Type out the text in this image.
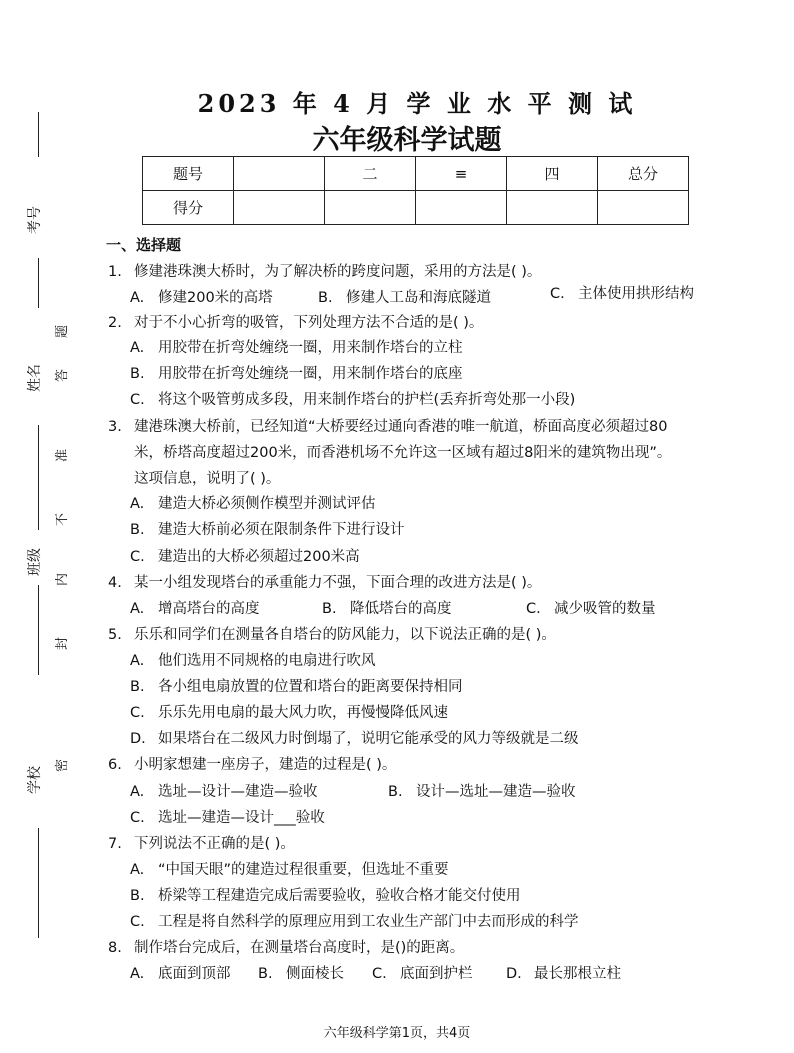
考号
姓名
班级
学校
题
答
准
不
内
封
密
2023 年 4 月 学 业 水 平 测 试
六年级科学试题
题号		二	≡	四	总分
得分					
一、选择题
1. 修建港珠澳大桥时，为了解决桥的跨度问题，采用的方法是( )。
A. 修建200米的高塔	B. 修建人工岛和海底隧道	C. 主体使用拱形结构
2. 对于不小心折弯的吸管，下列处理方法不合适的是( )。
A. 用胶带在折弯处缠绕一圈，用来制作塔台的立柱
B. 用胶带在折弯处缠绕一圈，用来制作塔台的底座
C. 将这个吸管剪成多段，用来制作塔台的护栏(丢弃折弯处那一小段)
3. 建港珠澳大桥前，已经知道“大桥要经过通向香港的唯一航道，桥面高度必须超过80
米，桥塔高度超过200米，而香港机场不允许这一区域有超过8阳米的建筑物出现”。
这项信息，说明了( )。
A. 建造大桥必须侧作模型并测试评估
B. 建造大桥前必须在限制条件下进行设计
C. 建造出的大桥必须超过200米高
4. 某一小组发现塔台的承重能力不强，下面合理的改进方法是( )。
A. 增高塔台的高度	B. 降低塔台的高度	C. 减少吸管的数量
5. 乐乐和同学们在测量各自塔台的防风能力，以下说法正确的是( )。
A. 他们选用不同规格的电扇进行吹风
B. 各小组电扇放置的位置和塔台的距离要保持相同
C. 乐乐先用电扇的最大风力吹，再慢慢降低风速
D. 如果塔台在二级风力时倒塌了，说明它能承受的风力等级就是二级
6. 小明家想建一座房子，建造的过程是( )。
A. 选址—设计—建造—验收	B. 设计—选址—建造—验收
C. 选址—建造—设计___验收
7. 下列说法不正确的是( )。
A. “中国天眼”的建造过程很重要，但选址不重要
B. 桥梁等工程建造完成后需要验收，验收合格才能交付使用
C. 工程是将自然科学的原理应用到工农业生产部门中去而形成的科学
8. 制作塔台完成后，在测量塔台高度时，是()的距离。
A. 底面到顶部 B. 侧面棱长 C. 底面到护栏 D. 最长那根立柱
六年级科学第1页，共4页
